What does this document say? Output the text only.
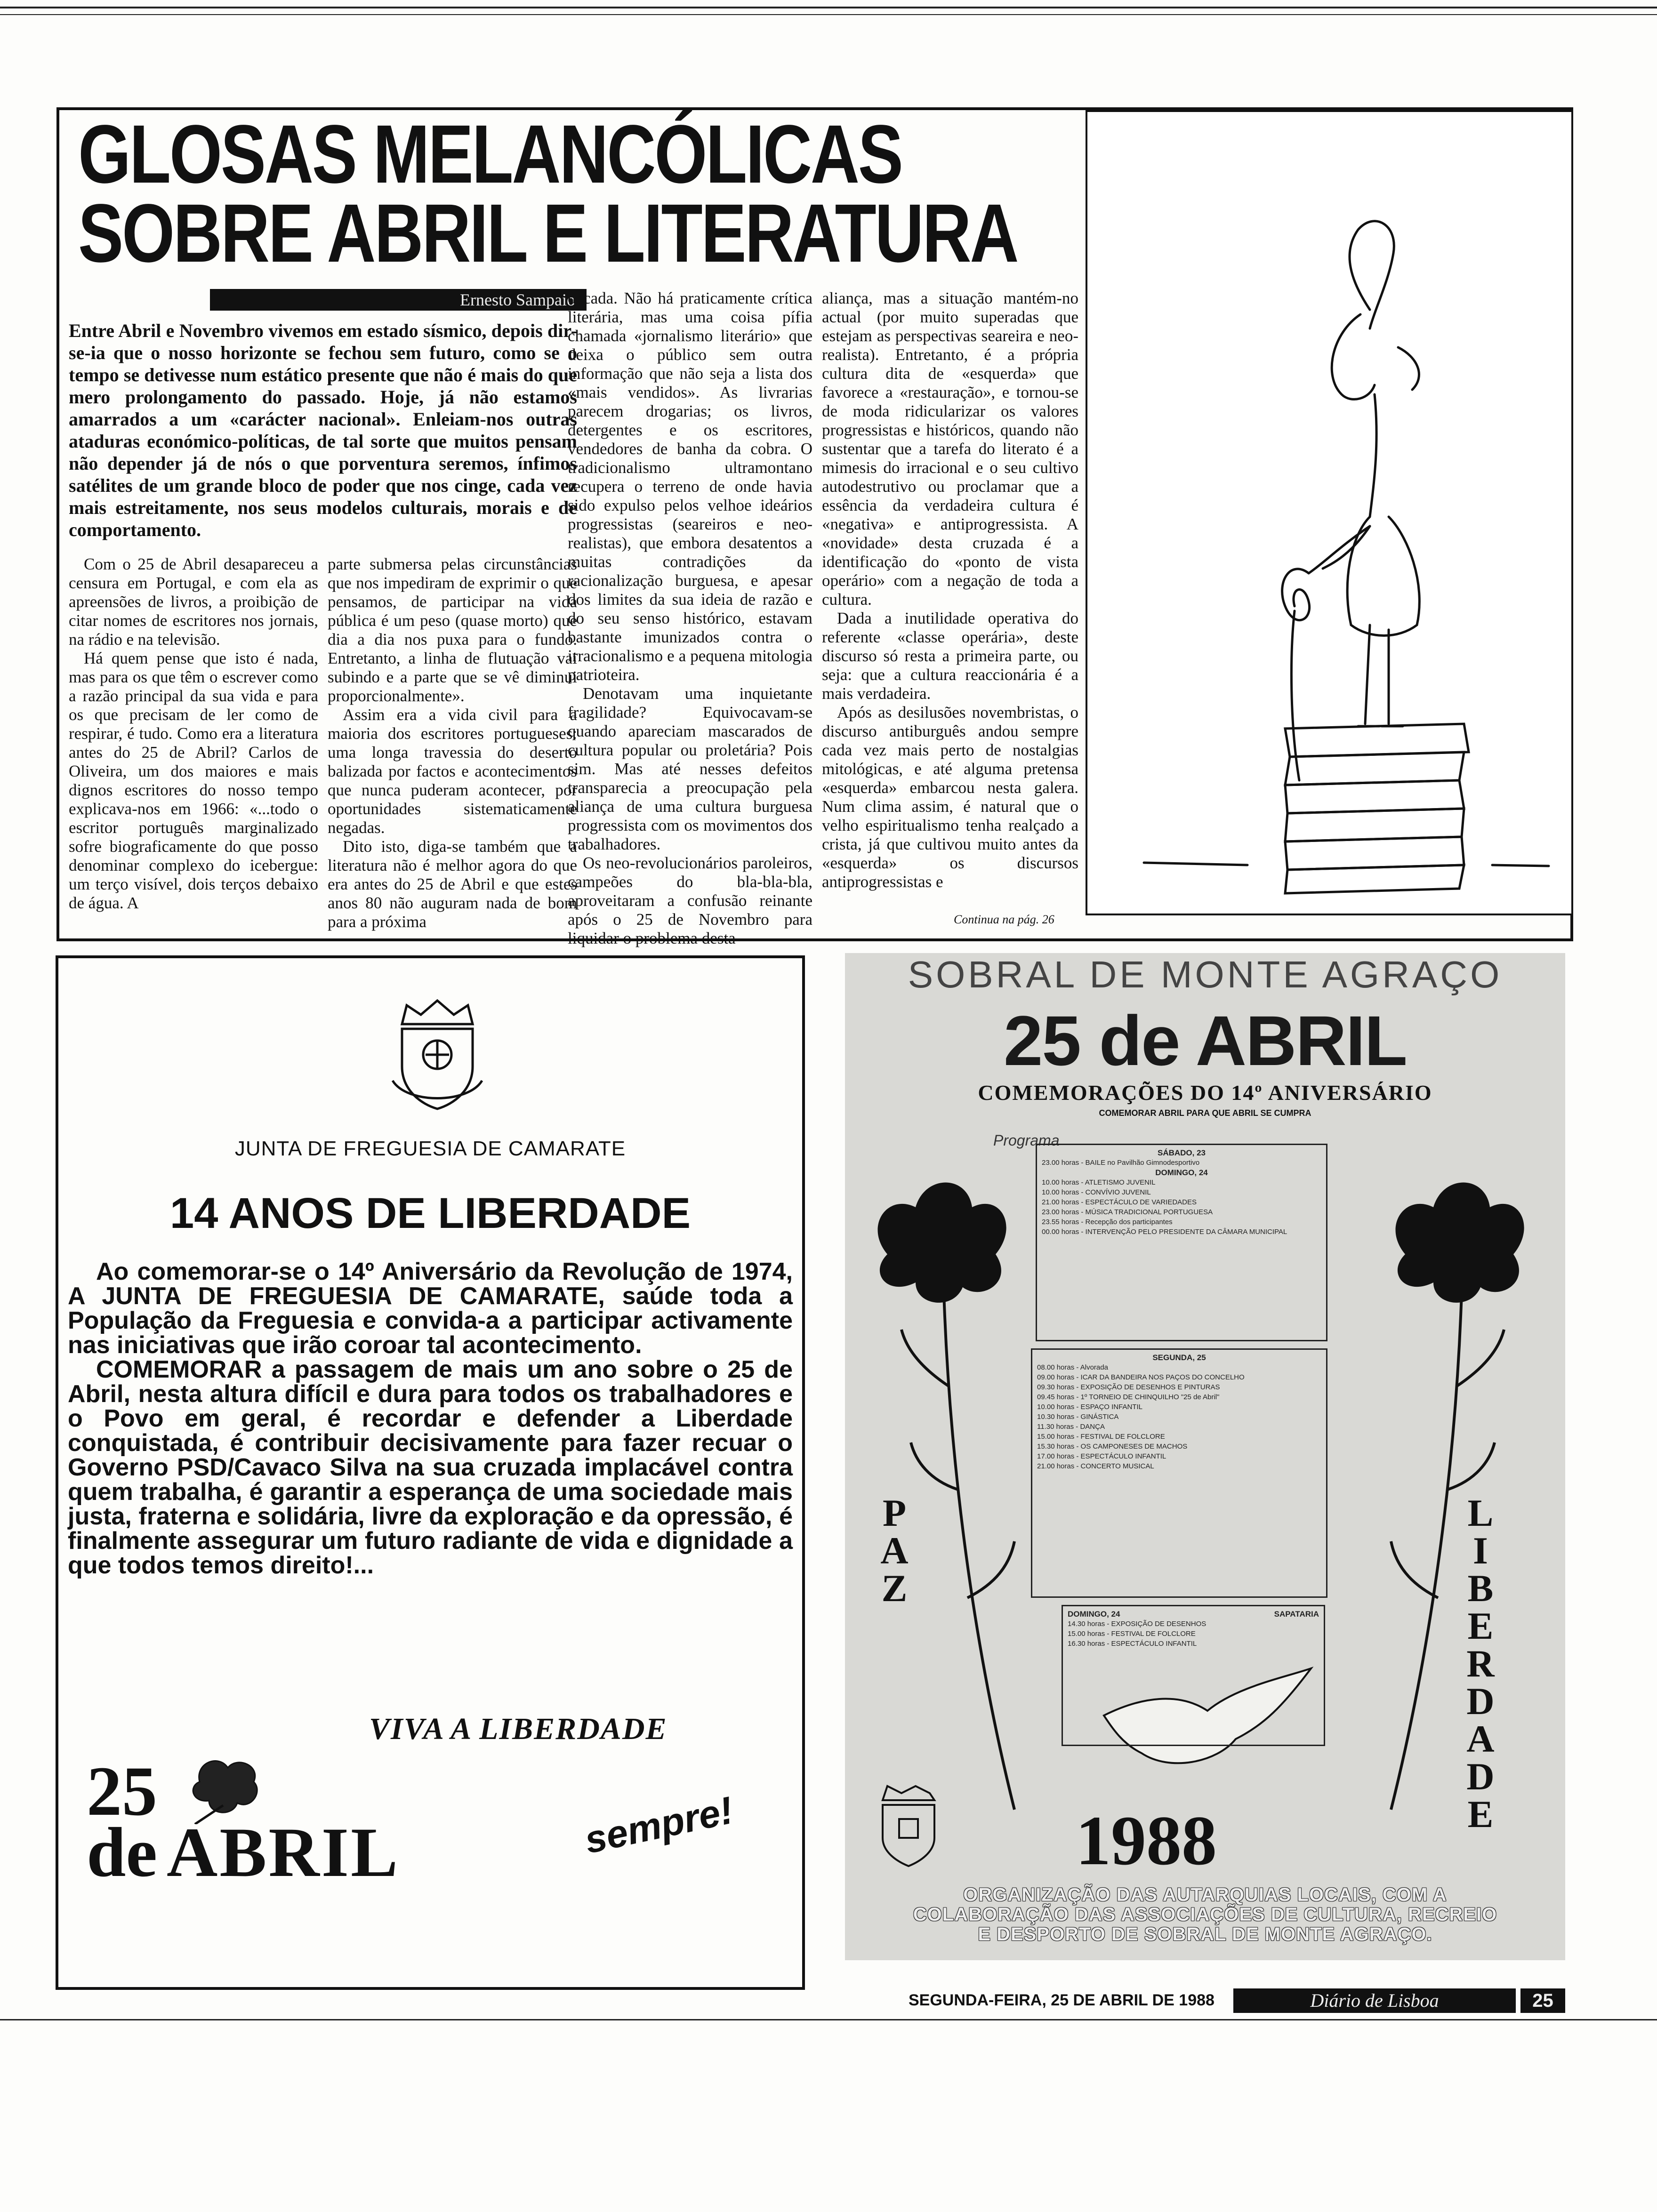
GLOSAS MELANCÓLICAS
SOBRE ABRIL E LITERATURA
Ernesto Sampaio
Entre Abril e Novembro vivemos em estado sísmico, depois dir-se-ia que o nosso horizonte se fechou sem futuro, como se o tempo se detivesse num estático presente que não é mais do que mero prolongamento do passado. Hoje, já não estamos amarrados a um «carácter nacional». Enleiam-nos outras ataduras económico-políticas, de tal sorte que muitos pensam não depender já de nós o que porventura seremos, ínfimos satélites de um grande bloco de poder que nos cinge, cada vez mais estreitamente, nos seus modelos culturais, morais e de comportamento.

Com o 25 de Abril desapareceu a censura em Portugal, e com ela as apreensões de livros, a proibição de citar nomes de escritores nos jornais, na rádio e na televisão.

Há quem pense que isto é nada, mas para os que têm o escrever como a razão principal da sua vida e para os que precisam de ler como de respirar, é tudo. Como era a literatura antes do 25 de Abril? Carlos de Oliveira, um dos maiores e mais dignos escritores do nosso tempo explicava-nos em 1966: «...todo o escritor português marginalizado sofre biograficamente do que posso denominar complexo do icebergue: um terço visível, dois terços debaixo de água. A

parte submersa pelas circunstâncias que nos impediram de exprimir o que pensamos, de participar na vida pública é um peso (quase morto) que dia a dia nos puxa para o fundo. Entretanto, a linha de flutuação vai subindo e a parte que se vê diminui proporcionalmente».

Assim era a vida civil para a maioria dos escritores portugueses: uma longa travessia do deserto balizada por factos e acontecimentos que nunca puderam acontecer, por oportunidades sistematicamente negadas.

Dito isto, diga-se também que a literatura não é melhor agora do que era antes do 25 de Abril e que estes anos 80 não auguram nada de bom para a próxima

década. Não há praticamente crítica literária, mas uma coisa pífia chamada «jornalismo literário» que deixa o público sem outra informação que não seja a lista dos «mais vendidos». As livrarias parecem drogarias; os livros, detergentes e os escritores, vendedores de banha da cobra. O tradicionalismo ultramontano recupera o terreno de onde havia sido expulso pelos velhoe ideários progressistas (seareiros e neo-realistas), que embora desatentos a muitas contradições da racionalização burguesa, e apesar dos limites da sua ideia de razão e do seu senso histórico, estavam bastante imunizados contra o irracionalismo e a pequena mitologia patrioteira.

Denotavam uma inquietante fragilidade? Equivocavam-se quando apareciam mascarados de cultura popular ou proletária? Pois sim. Mas até nesses defeitos transparecia a preocupação pela aliança de uma cultura burguesa progressista com os movimentos dos trabalhadores.

Os neo-revolucionários paroleiros, campeões do bla-bla-bla, aproveitaram a confusão reinante após o 25 de Novembro para liquidar o problema desta

aliança, mas a situação mantém-no actual (por muito superadas que estejam as perspectivas seareira e neo-realista). Entretanto, é a própria cultura dita de «esquerda» que favorece a «restauração», e tornou-se de moda ridicularizar os valores progressistas e históricos, quando não sustentar que a tarefa do literato é a mimesis do irracional e o seu cultivo autodestrutivo ou proclamar que a essência da verdadeira cultura é «negativa» e antiprogressista. A «novidade» desta cruzada é a identificação do «ponto de vista operário» com a negação de toda a cultura.

Dada a inutilidade operativa do referente «classe operária», deste discurso só resta a primeira parte, ou seja: que a cultura reaccionária é a mais verdadeira.

Após as desilusões novembristas, o discurso antiburguês andou sempre cada vez mais perto de nostalgias mitológicas, e até alguma pretensa «esquerda» embarcou nesta galera. Num clima assim, é natural que o velho espiritualismo tenha realçado a crista, já que cultivou muito antes da «esquerda» os discursos antiprogressistas e

Continua na pág. 26
JUNTA DE FREGUESIA DE CAMARATE
14 ANOS DE LIBERDADE

Ao comemorar-se o 14º Aniversário da Revolução de 1974, A JUNTA DE FREGUESIA DE CAMARATE, saúde toda a População da Freguesia e convida-a a participar activamente nas iniciativas que irão coroar tal acontecimento.

COMEMORAR a passagem de mais um ano sobre o 25 de Abril, nesta altura difícil e dura para todos os trabalhadores e o Povo em geral, é recordar e defender a Liberdade conquistada, é contribuir decisivamente para fazer recuar o Governo PSD/Cavaco Silva na sua cruzada implacável contra quem trabalha, é garantir a esperança de uma sociedade mais justa, fraterna e solidária, livre da exploração e da opressão, é finalmente assegurar um futuro radiante de vida e dignidade a que todos temos direito!...

VIVA A LIBERDADE
25
de ABRIL	sempre!
SOBRAL DE MONTE AGRAÇO
25 de ABRIL
COMEMORAÇÕES DO 14º ANIVERSÁRIO
COMEMORAR ABRIL PARA QUE ABRIL SE CUMPRA
Programa
SÁBADO, 23
23.00 horas - BAILE no Pavilhão Gimnodesportivo
DOMINGO, 24
10.00 horas - ATLETISMO JUVENIL
10.00 horas - CONVÍVIO JUVENIL
21.00 horas - ESPECTÁCULO DE VARIEDADES
23.00 horas - MÚSICA TRADICIONAL PORTUGUESA
23.55 horas - Recepção dos participantes
00.00 horas - INTERVENÇÃO PELO PRESIDENTE DA CÂMARA MUNICIPAL
SEGUNDA, 25
08.00 horas - Alvorada
09.00 horas - ICAR DA BANDEIRA NOS PAÇOS DO CONCELHO
09.30 horas - EXPOSIÇÃO DE DESENHOS E PINTURAS
09.45 horas - 1º TORNEIO DE CHINQUILHO "25 de Abril"
10.00 horas - ESPAÇO INFANTIL
10.30 horas - GINÁSTICA
11.30 horas - DANÇA
15.00 horas - FESTIVAL DE FOLCLORE
15.30 horas - OS CAMPONESES DE MACHOS
17.00 horas - ESPECTÁCULO INFANTIL
21.00 horas - CONCERTO MUSICAL
DOMINGO, 24	SAPATARIA
14.30 horas - EXPOSIÇÃO DE DESENHOS
15.00 horas - FESTIVAL DE FOLCLORE
16.30 horas - ESPECTÁCULO INFANTIL
P
A
Z
L
I
B
E
R
D
A
D
E
1988
ORGANIZAÇÃO DAS AUTARQUIAS LOCAIS, COM A COLABORAÇÃO DAS ASSOCIAÇÕES DE CULTURA, RECREIO E DESPORTO DE SOBRAL DE MONTE AGRAÇO.
SEGUNDA-FEIRA, 25 DE ABRIL DE 1988	Diário de Lisboa	25
